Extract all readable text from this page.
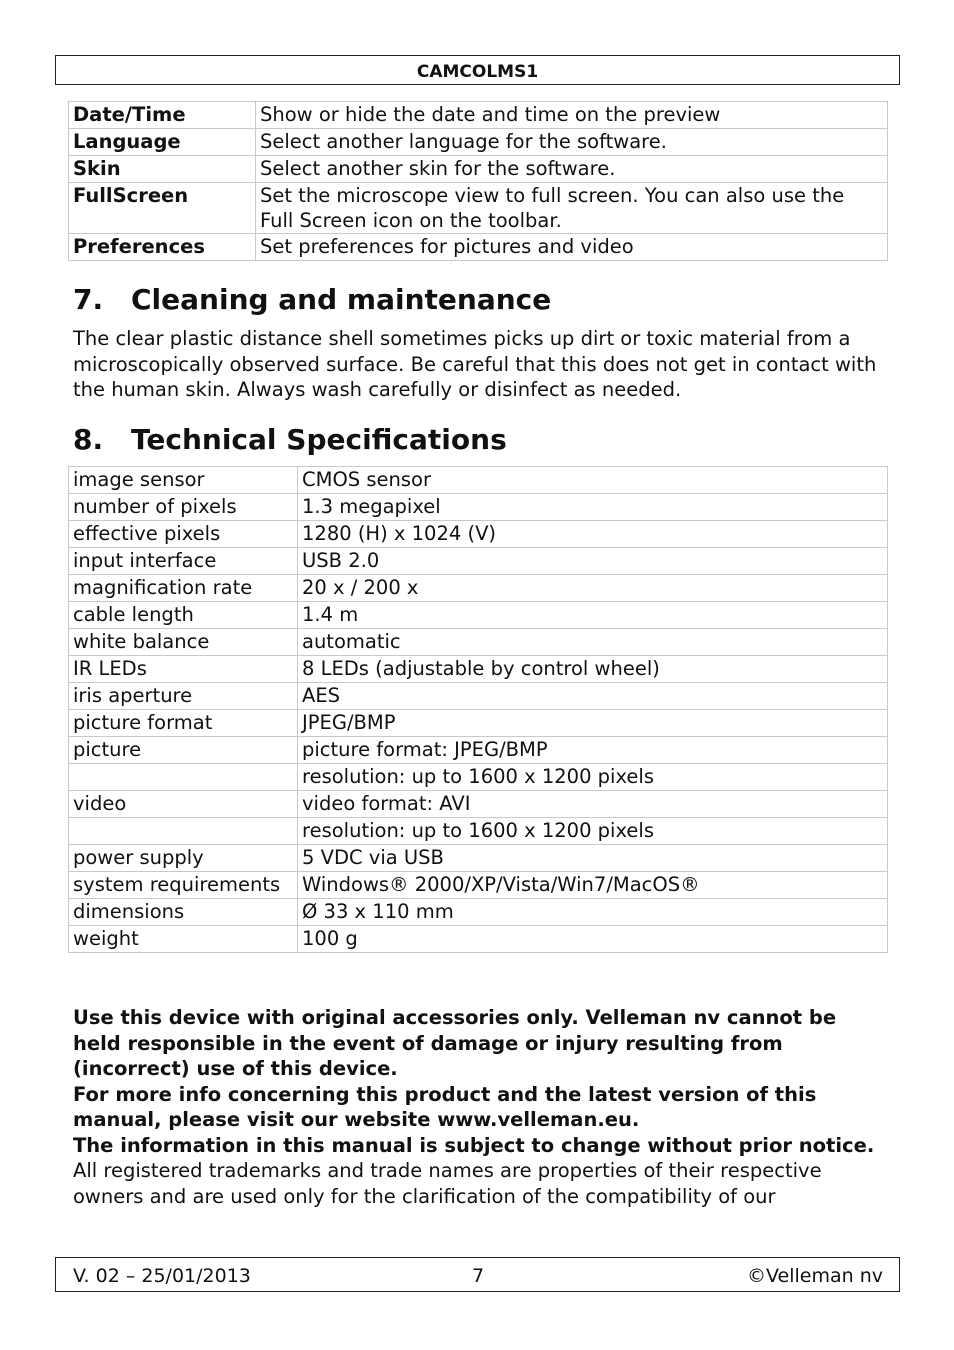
CAMCOLMS1
Date/Time	Show or hide the date and time on the preview
Language	Select another language for the software.
Skin	Select another skin for the software.
FullScreen	Set the microscope view to full screen. You can also use the Full Screen icon on the toolbar.
Preferences	Set preferences for pictures and video
7. Cleaning and maintenance

The clear plastic distance shell sometimes picks up dirt or toxic material from a microscopically observed surface. Be careful that this does not get in contact with the human skin. Always wash carefully or disinfect as needed.

8. Technical Specifications
image sensor	CMOS sensor
number of pixels	1.3 megapixel
effective pixels	1280 (H) x 1024 (V)
input interface	USB 2.0
magnification rate	20 x / 200 x
cable length	1.4 m
white balance	automatic
IR LEDs	8 LEDs (adjustable by control wheel)
iris aperture	AES
picture format	JPEG/BMP
picture	picture format: JPEG/BMP
	resolution: up to 1600 x 1200 pixels
video	video format: AVI
	resolution: up to 1600 x 1200 pixels
power supply	5 VDC via USB
system requirements	Windows® 2000/XP/Vista/Win7/MacOS®
dimensions	Ø 33 x 110 mm
weight	100 g
Use this device with original accessories only. Velleman nv cannot be held responsible in the event of damage or injury resulting from (incorrect) use of this device.
For more info concerning this product and the latest version of this manual, please visit our website www.velleman.eu.
The information in this manual is subject to change without prior notice.
All registered trademarks and trade names are properties of their respective owners and are used only for the clarification of the compatibility of our
V. 02 – 25/01/2013	7	©Velleman nv
